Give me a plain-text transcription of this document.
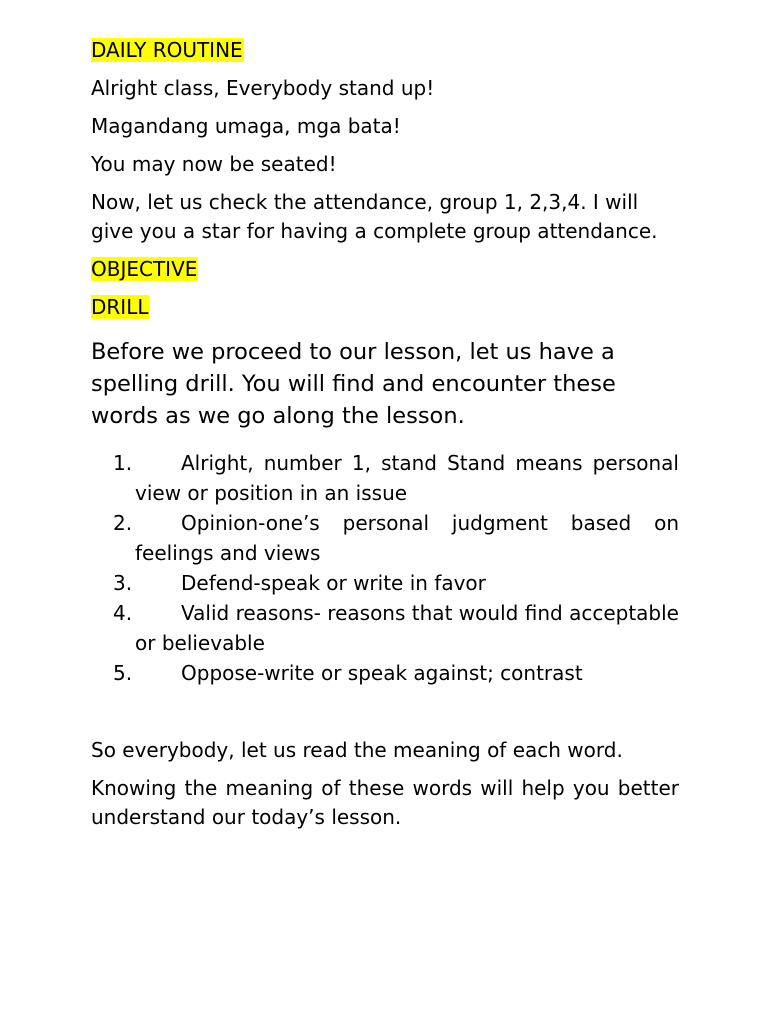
DAILY ROUTINE
Alright class, Everybody stand up!
Magandang umaga, mga bata!
You may now be seated!
Now, let us check the attendance, group 1, 2,3,4. I will give you a star for having a complete group attendance.
OBJECTIVE
DRILL
Before we proceed to our lesson, let us have a spelling drill. You will find and encounter these words as we go along the lesson.
1. Alright, number 1, stand Stand means personal view or position in an issue
2. Opinion-one’s personal judgment based on feelings and views
3. Defend-speak or write in favor
4. Valid reasons- reasons that would find acceptable or believable
5. Oppose-write or speak against; contrast
So everybody, let us read the meaning of each word.
Knowing the meaning of these words will help you better understand our today’s lesson.
